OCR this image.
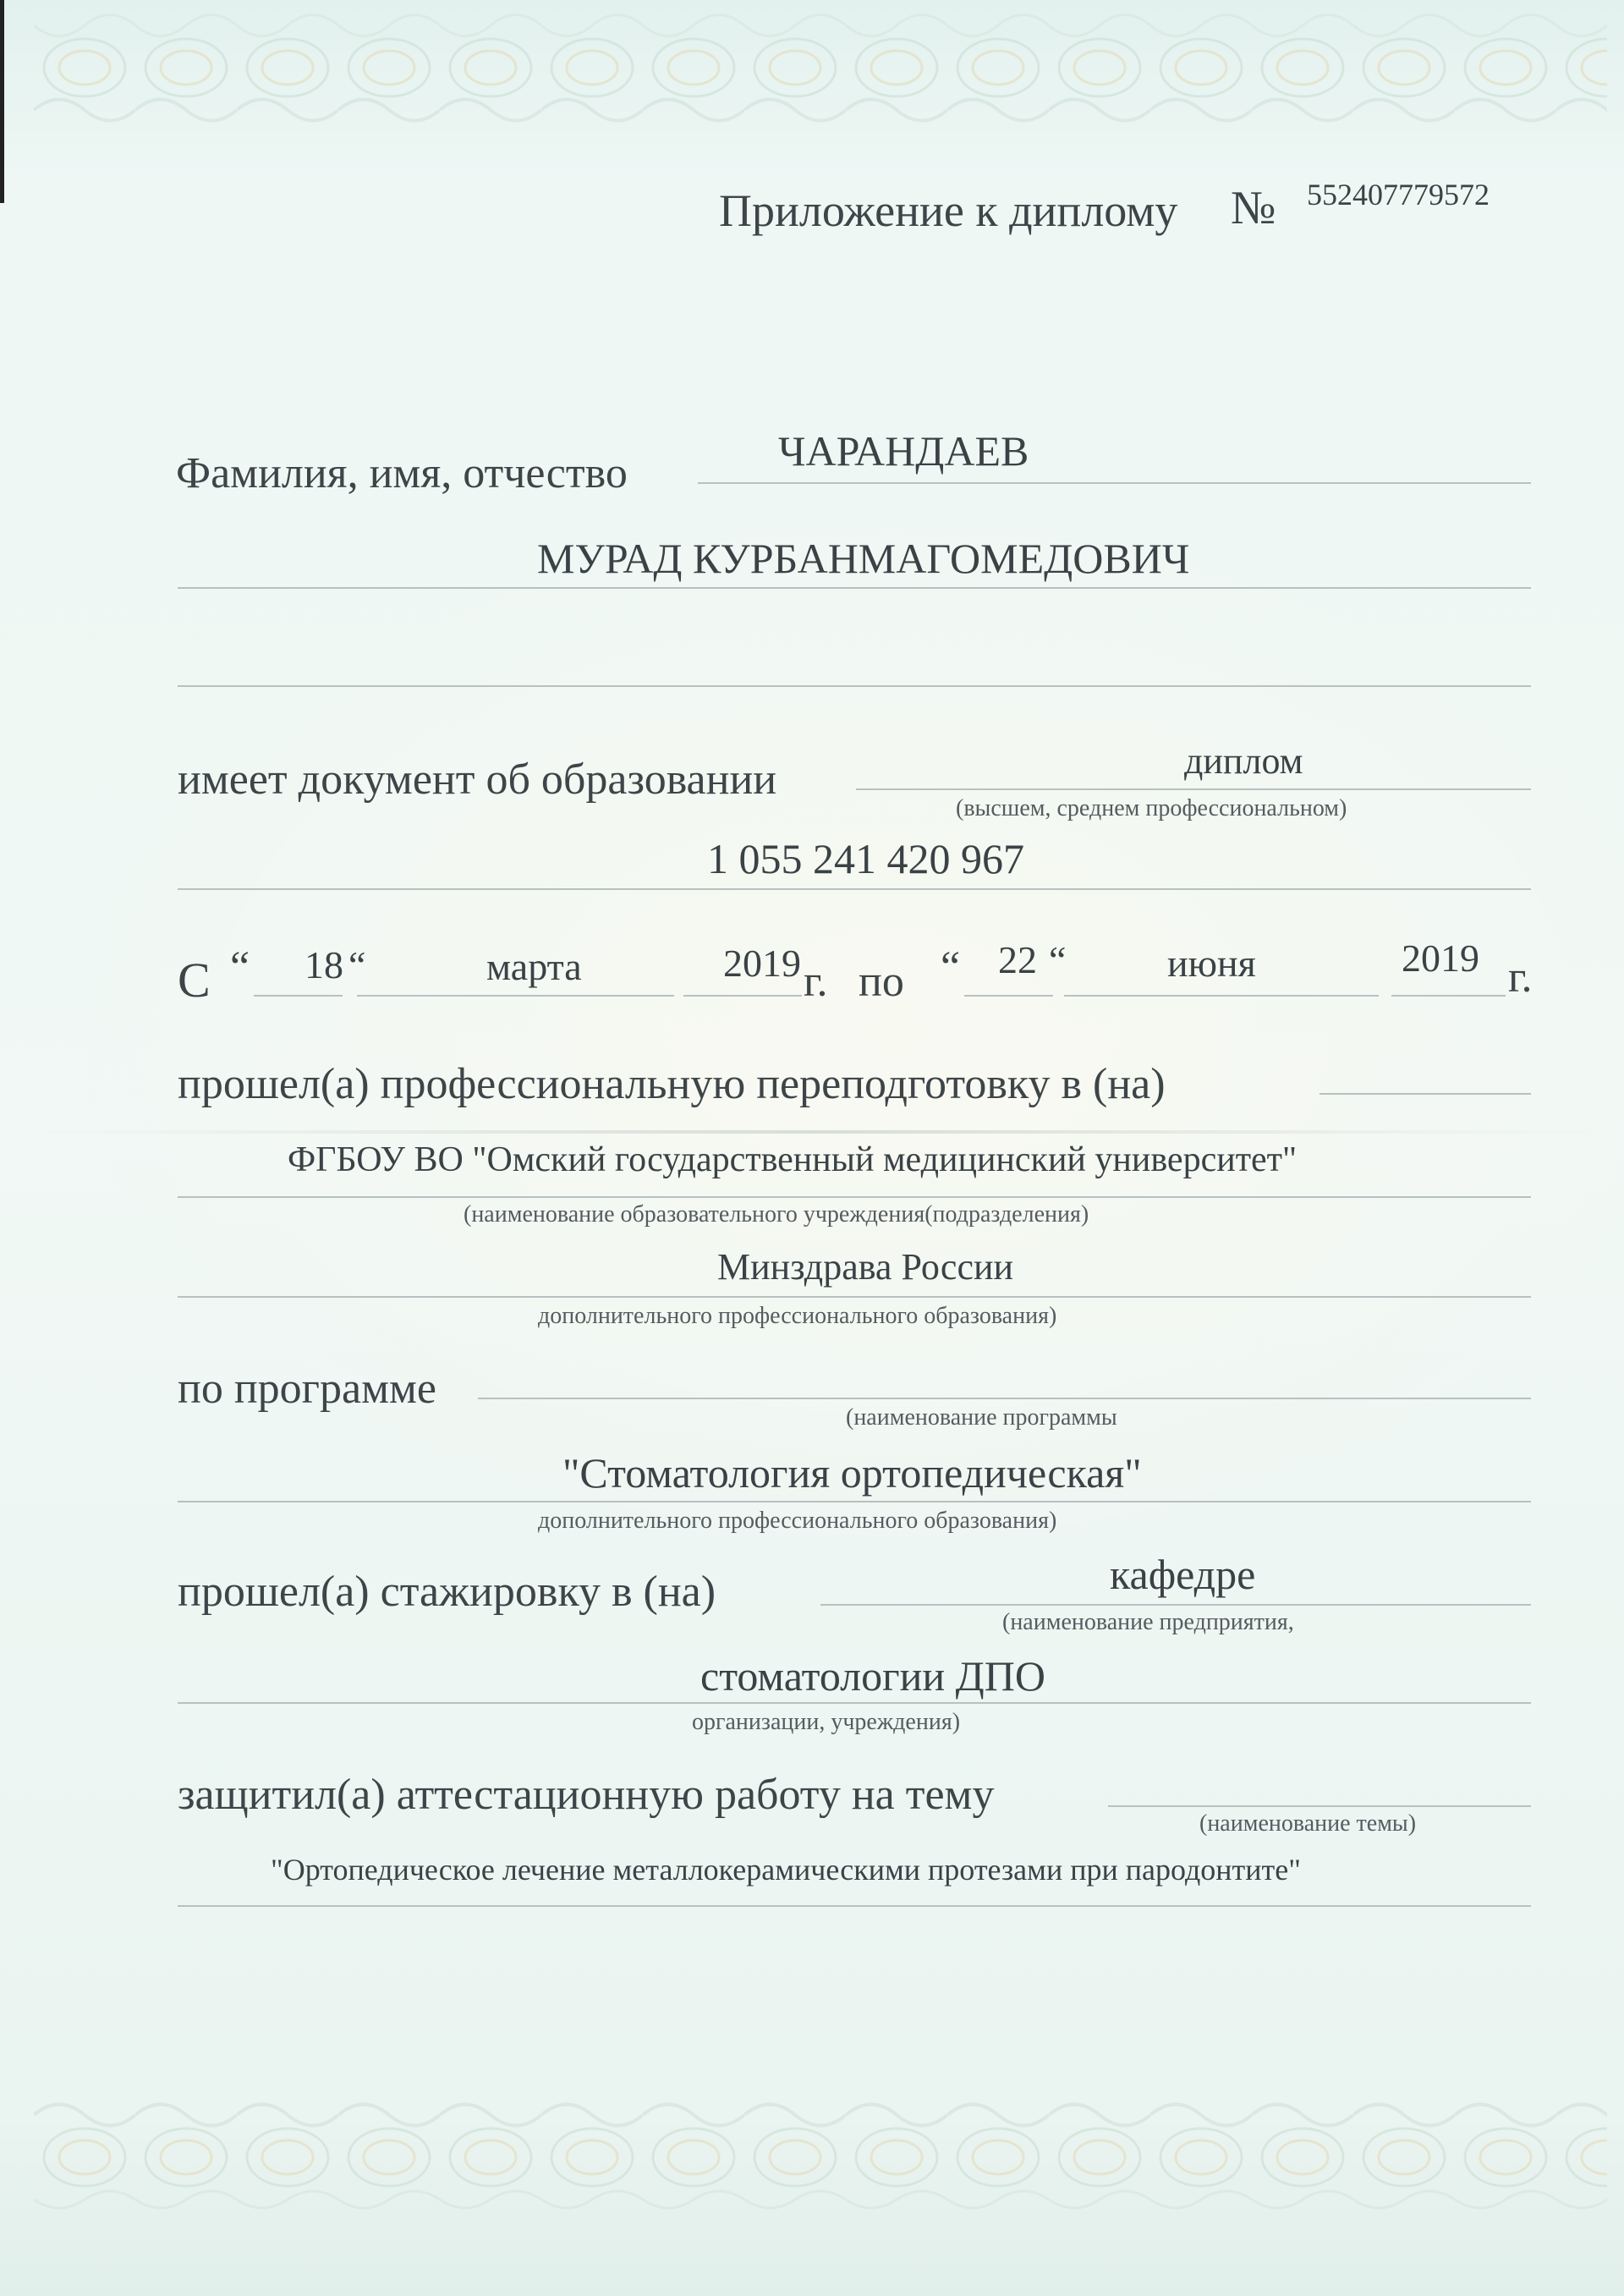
Приложение к диплому № 552407779572
Фамилия, имя, отчество	ЧАРАНДАЕВ
МУРАД КУРБАНМАГОМЕДОВИЧ
имеет документ об образовании	диплом
(высшем, среднем профессиональном)
1 055 241 420 967
С “ 18 “	марта	2019 г. по “ 22 “	июня	2019 г.
прошел(а) профессиональную переподготовку в (на)
ФГБОУ ВО "Омский государственный медицинский университет"
(наименование образовательного учреждения(подразделения)
Минздрава России
дополнительного профессионального образования)
по программе
(наименование программы
"Стоматология ортопедическая"
дополнительного профессионального образования)
прошел(а) стажировку в (на)	кафедре
(наименование предприятия,
стоматологии ДПО
организации, учреждения)
защитил(а) аттестационную работу на тему
(наименование темы)
"Ортопедическое лечение металлокерамическими протезами при пародонтите"
